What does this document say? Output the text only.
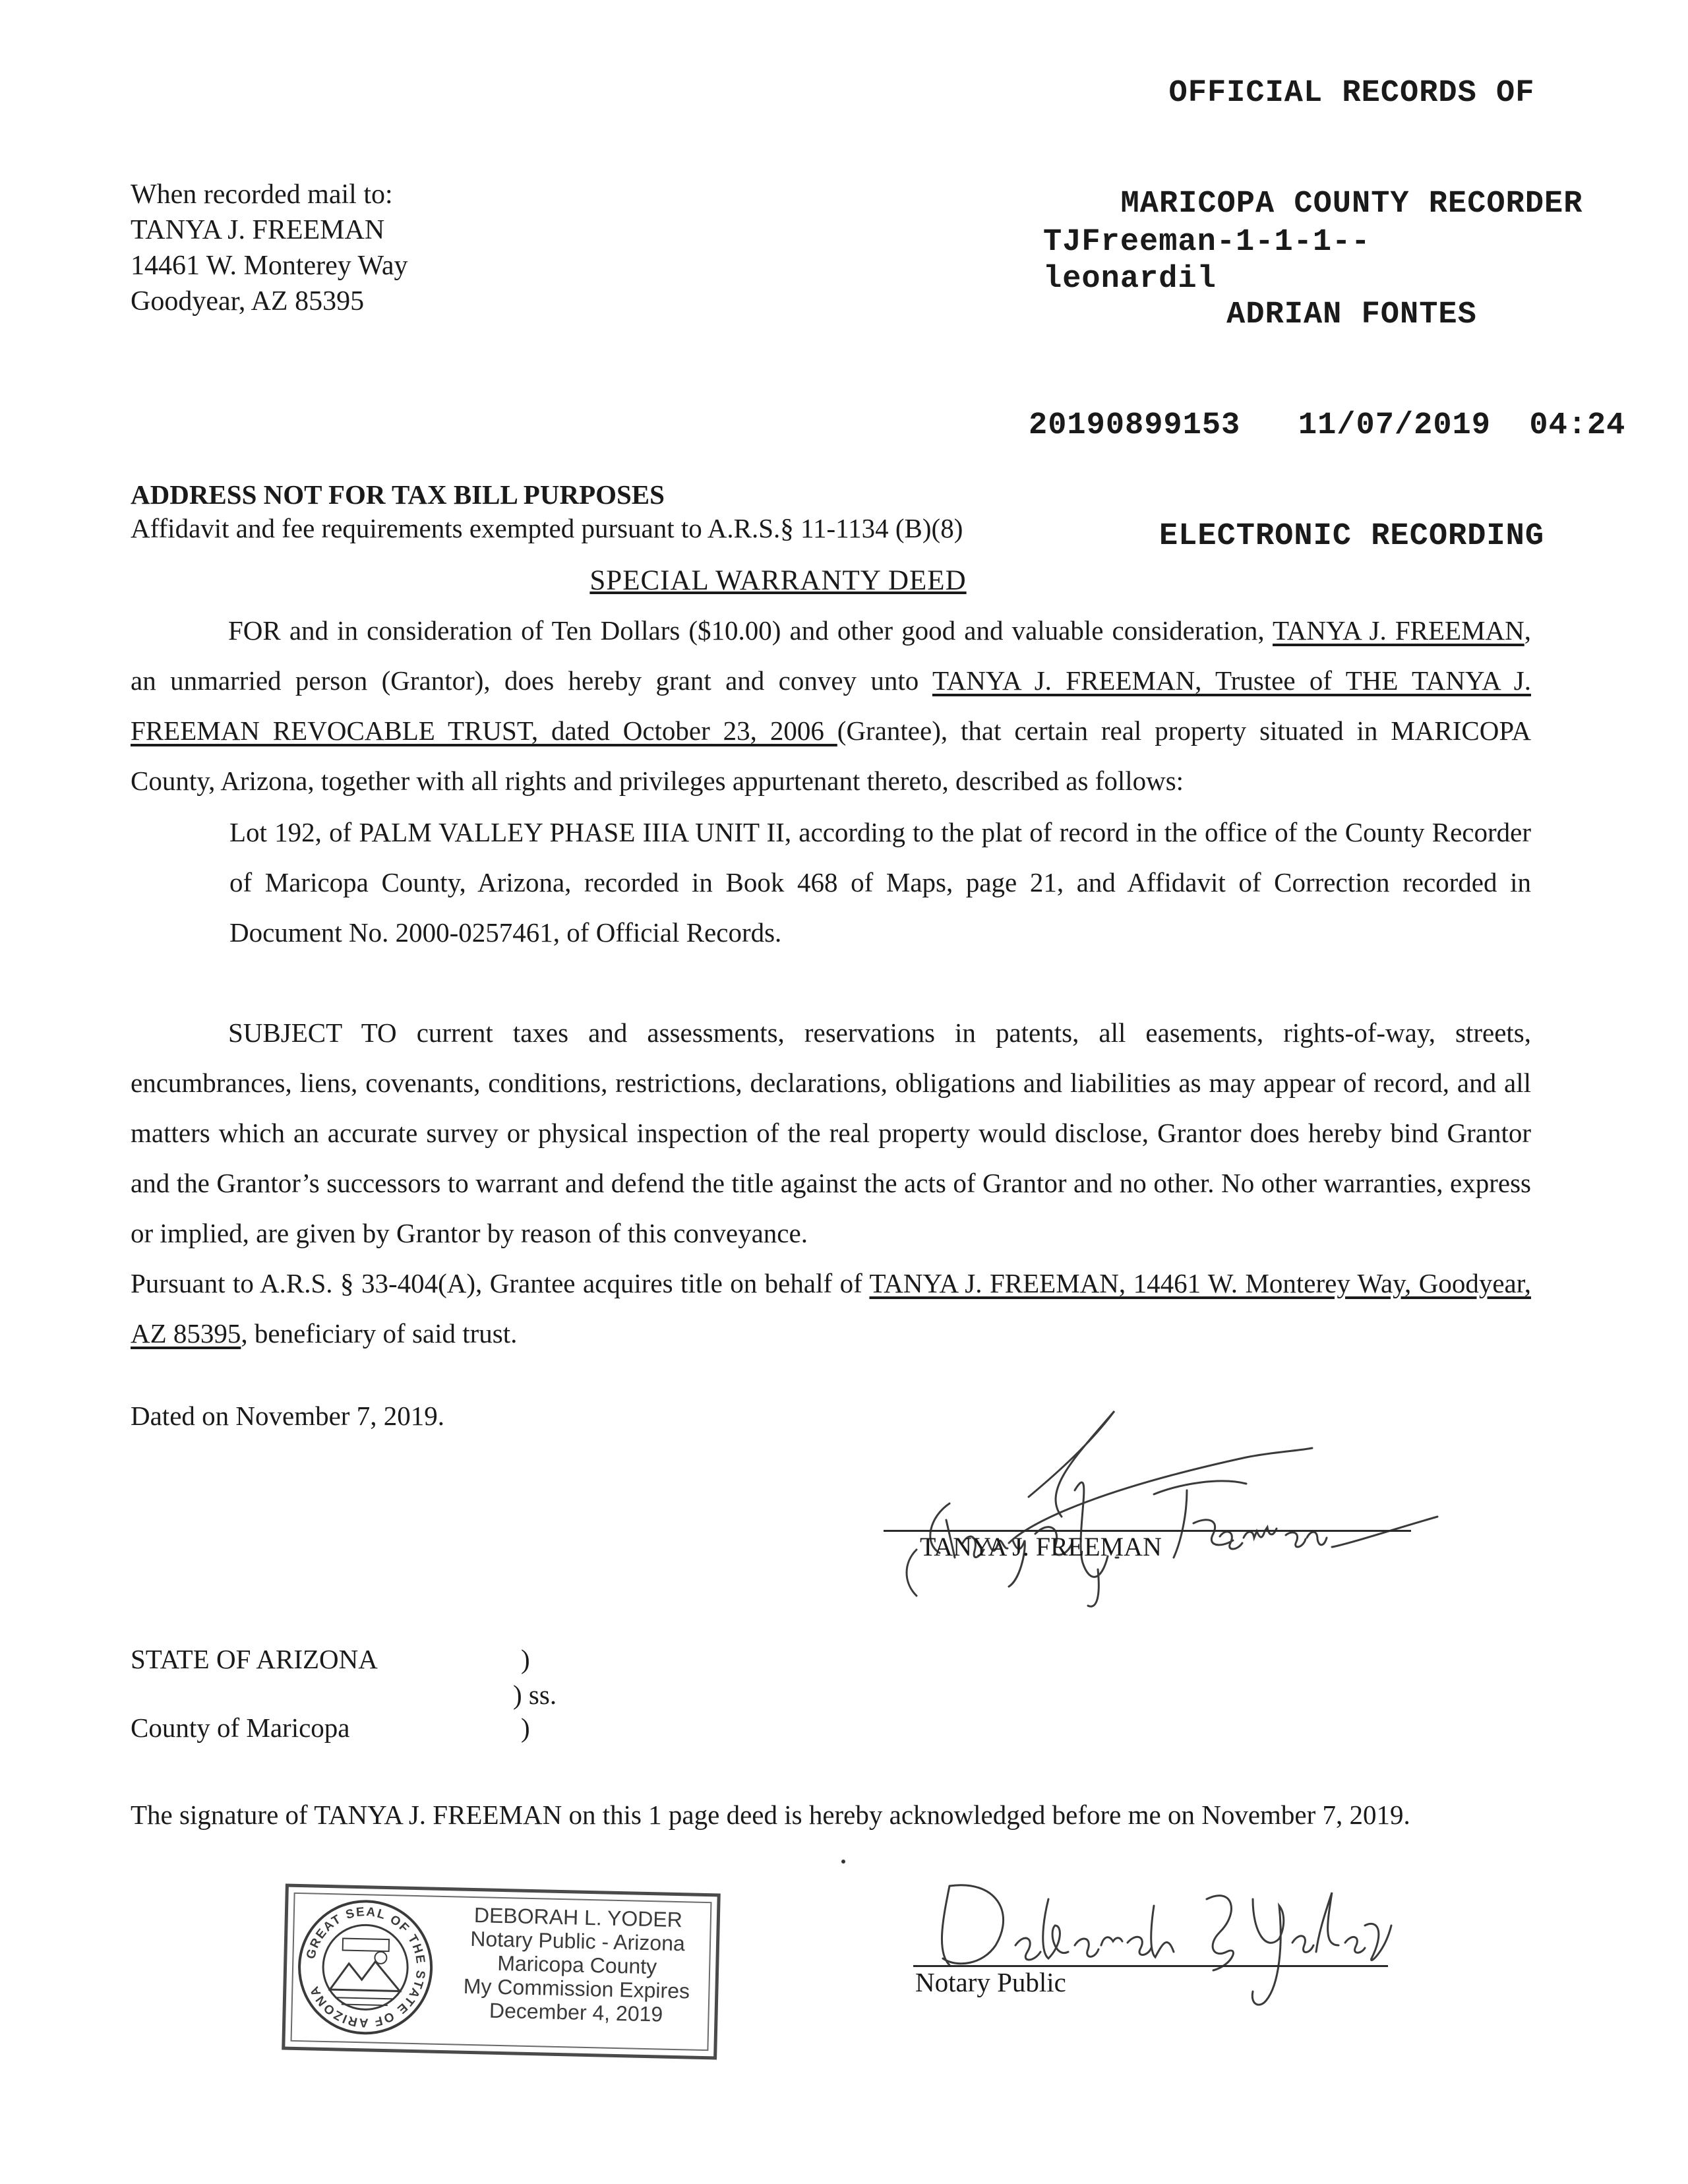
OFFICIAL RECORDS OF

MARICOPA COUNTY RECORDER

ADRIAN FONTES

20190899153 11/07/2019 04:24

ELECTRONIC RECORDING

TJFreeman-1-1-1--
leonardil
When recorded mail to:
TANYA J. FREEMAN
14461 W. Monterey Way
Goodyear, AZ 85395
ADDRESS NOT FOR TAX BILL PURPOSES
Affidavit and fee requirements exempted pursuant to A.R.S.§ 11-1134 (B)(8)
SPECIAL WARRANTY DEED
FOR and in consideration of Ten Dollars ($10.00) and other good and valuable consideration, TANYA J. FREEMAN, an unmarried person (Grantor), does hereby grant and convey unto TANYA J. FREEMAN, Trustee of THE TANYA J. FREEMAN REVOCABLE TRUST, dated October 23, 2006 (Grantee), that certain real property situated in MARICOPA County, Arizona, together with all rights and privileges appurtenant thereto, described as follows:
Lot 192, of PALM VALLEY PHASE IIIA UNIT II, according to the plat of record in the office of the County Recorder of Maricopa County, Arizona, recorded in Book 468 of Maps, page 21, and Affidavit of Correction recorded in Document No. 2000-0257461, of Official Records.
SUBJECT TO current taxes and assessments, reservations in patents, all easements, rights-of-way, streets, encumbrances, liens, covenants, conditions, restrictions, declarations, obligations and liabilities as may appear of record, and all matters which an accurate survey or physical inspection of the real property would disclose, Grantor does hereby bind Grantor and the Grantor’s successors to warrant and defend the title against the acts of Grantor and no other. No other warranties, express or implied, are given by Grantor by reason of this conveyance.
Pursuant to A.R.S. § 33-404(A), Grantee acquires title on behalf of TANYA J. FREEMAN, 14461 W. Monterey Way, Goodyear, AZ 85395, beneficiary of said trust.
Dated on November 7, 2019.
TANYA J. FREEMAN
STATE OF ARIZONA
County of Maricopa
)
) ss.
)
The signature of TANYA J. FREEMAN on this 1 page deed is hereby acknowledged before me on November 7, 2019.
GREAT SEAL OF THE STATE OF ARIZONA
DEBORAH L. YODER
Notary Public - Arizona
Maricopa County
My Commission Expires
December 4, 2019
Notary Public
